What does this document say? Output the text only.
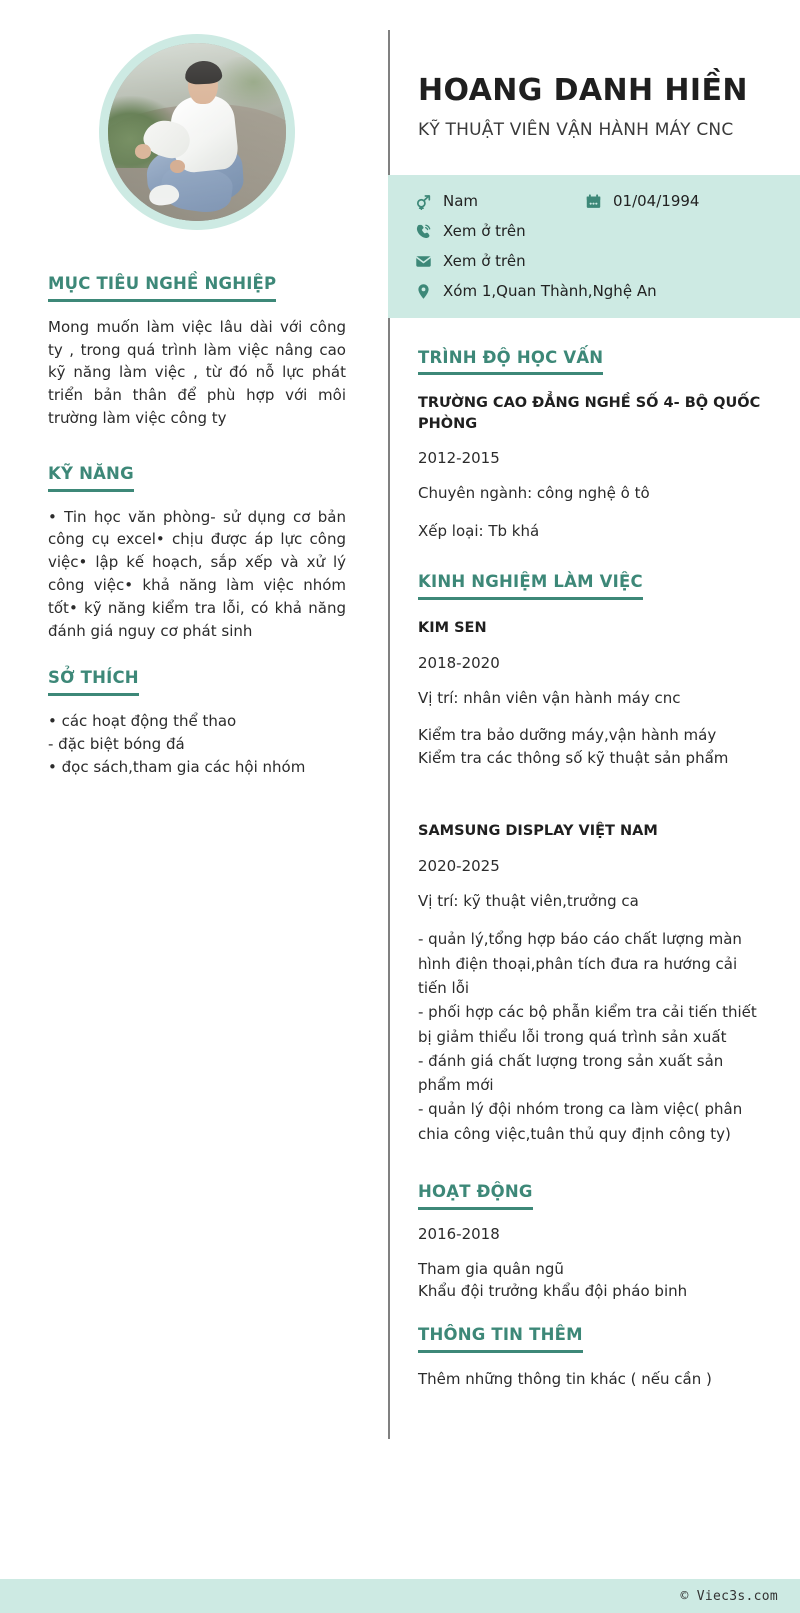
MỤC TIÊU NGHỀ NGHIỆP
Mong muốn làm việc lâu dài với công ty , trong quá trình làm việc nâng cao kỹ năng làm việc , từ đó nỗ lực phát triển bản thân để phù hợp với môi trường làm việc công ty
KỸ NĂNG
• Tin học văn phòng- sử dụng cơ bản công cụ excel• chịu được áp lực công việc• lập kế hoạch, sắp xếp và xử lý công việc• khả năng làm việc nhóm tốt• kỹ năng kiểm tra lỗi, có khả năng đánh giá nguy cơ phát sinh
SỞ THÍCH
• các hoạt động thể thao
- đặc biệt bóng đá
• đọc sách,tham gia các hội nhóm
HOANG DANH HIỀN
KỸ THUẬT VIÊN VẬN HÀNH MÁY CNC
Nam	01/04/1994
Xem ở trên
Xem ở trên
Xóm 1,Quan Thành,Nghệ An
TRÌNH ĐỘ HỌC VẤN
TRƯỜNG CAO ĐẲNG NGHỀ SỐ 4- BỘ QUỐC PHÒNG
2012-2015
Chuyên ngành: công nghệ ô tô
Xếp loại: Tb khá
KINH NGHIỆM LÀM VIỆC
KIM SEN
2018-2020
Vị trí: nhân viên vận hành máy cnc
Kiểm tra bảo dưỡng máy,vận hành máy
Kiểm tra các thông số kỹ thuật sản phẩm
SAMSUNG DISPLAY VIỆT NAM
2020-2025
Vị trí: kỹ thuật viên,trưởng ca
- quản lý,tổng hợp báo cáo chất lượng màn hình điện thoại,phân tích đưa ra hướng cải tiến lỗi
- phối hợp các bộ phẫn kiểm tra cải tiến thiết bị giảm thiểu lỗi trong quá trình sản xuất
- đánh giá chất lượng trong sản xuất sản phẩm mới
- quản lý đội nhóm trong ca làm việc( phân chia công việc,tuân thủ quy định công ty)
HOẠT ĐỘNG
2016-2018
Tham gia quân ngũ
Khẩu đội trưởng khẩu đội pháo binh
THÔNG TIN THÊM
Thêm những thông tin khác ( nếu cần )
© Viec3s.com
